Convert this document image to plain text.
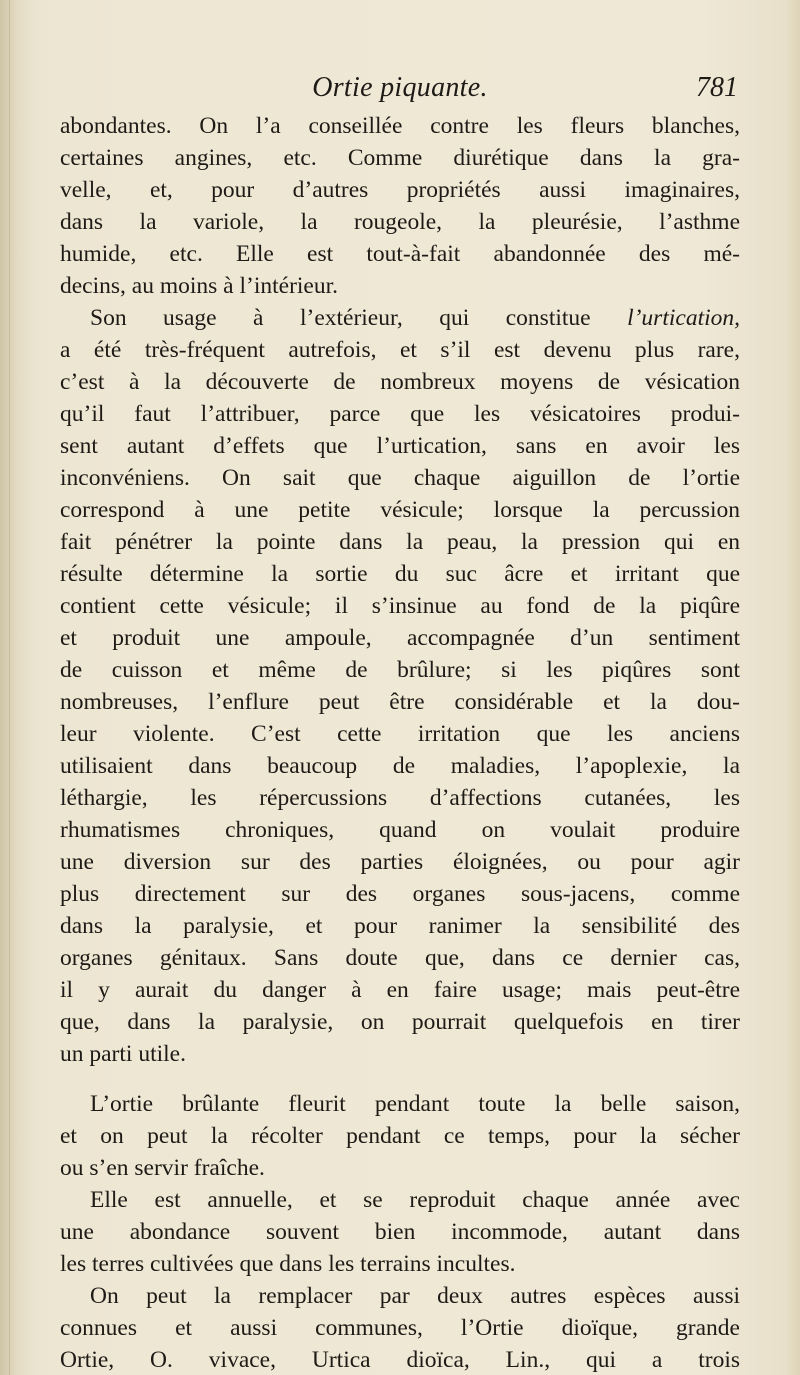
Ortie piquante.	781
abondantes. On l’a conseillée contre les fleurs blanches,
certaines angines, etc. Comme diurétique dans la gra-
velle, et, pour d’autres propriétés aussi imaginaires,
dans la variole, la rougeole, la pleurésie, l’asthme
humide, etc. Elle est tout-à-fait abandonnée des mé-
decins, au moins à l’intérieur.
Son usage à l’extérieur, qui constitue l’urtication,
a été très-fréquent autrefois, et s’il est devenu plus rare,
c’est à la découverte de nombreux moyens de vésication
qu’il faut l’attribuer, parce que les vésicatoires produi-
sent autant d’effets que l’urtication, sans en avoir les
inconvéniens. On sait que chaque aiguillon de l’ortie
correspond à une petite vésicule; lorsque la percussion
fait pénétrer la pointe dans la peau, la pression qui en
résulte détermine la sortie du suc âcre et irritant que
contient cette vésicule; il s’insinue au fond de la piqûre
et produit une ampoule, accompagnée d’un sentiment
de cuisson et même de brûlure; si les piqûres sont
nombreuses, l’enflure peut être considérable et la dou-
leur violente. C’est cette irritation que les anciens
utilisaient dans beaucoup de maladies, l’apoplexie, la
léthargie, les répercussions d’affections cutanées, les
rhumatismes chroniques, quand on voulait produire
une diversion sur des parties éloignées, ou pour agir
plus directement sur des organes sous-jacens, comme
dans la paralysie, et pour ranimer la sensibilité des
organes génitaux. Sans doute que, dans ce dernier cas,
il y aurait du danger à en faire usage; mais peut-être
que, dans la paralysie, on pourrait quelquefois en tirer
un parti utile.
L’ortie brûlante fleurit pendant toute la belle saison,
et on peut la récolter pendant ce temps, pour la sécher
ou s’en servir fraîche.
Elle est annuelle, et se reproduit chaque année avec
une abondance souvent bien incommode, autant dans
les terres cultivées que dans les terrains incultes.
On peut la remplacer par deux autres espèces aussi
connues et aussi communes, l’Ortie dioïque, grande
Ortie, O. vivace, Urtica dioïca, Lin., qui a trois
